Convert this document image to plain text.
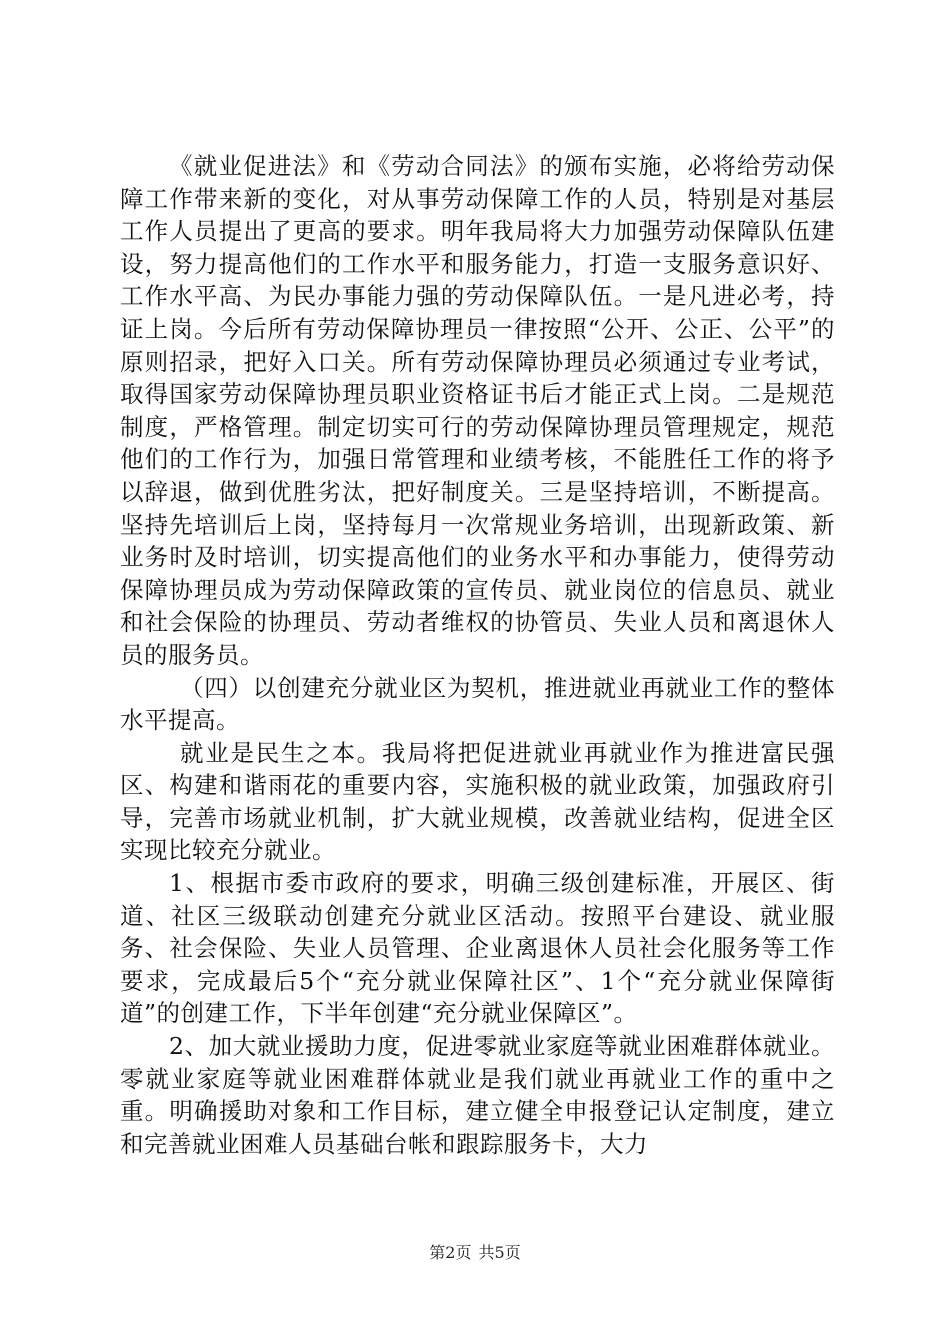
《就业促进法》和《劳动合同法》的颁布实施，必将给劳动保障工作带来新的变化，对从事劳动保障工作的人员，特别是对基层工作人员提出了更高的要求。明年我局将大力加强劳动保障队伍建设，努力提高他们的工作水平和服务能力，打造一支服务意识好、工作水平高、为民办事能力强的劳动保障队伍。一是凡进必考，持证上岗。今后所有劳动保障协理员一律按照“公开、公正、公平”的原则招录，把好入口关。所有劳动保障协理员必须通过专业考试，取得国家劳动保障协理员职业资格证书后才能正式上岗。二是规范制度，严格管理。制定切实可行的劳动保障协理员管理规定，规范他们的工作行为，加强日常管理和业绩考核，不能胜任工作的将予以辞退，做到优胜劣汰，把好制度关。三是坚持培训，不断提高。坚持先培训后上岗，坚持每月一次常规业务培训，出现新政策、新业务时及时培训，切实提高他们的业务水平和办事能力，使得劳动保障协理员成为劳动保障政策的宣传员、就业岗位的信息员、就业和社会保险的协理员、劳动者维权的协管员、失业人员和离退休人员的服务员。

（四）以创建充分就业区为契机，推进就业再就业工作的整体水平提高。

就业是民生之本。我局将把促进就业再就业作为推进富民强区、构建和谐雨花的重要内容，实施积极的就业政策，加强政府引导，完善市场就业机制，扩大就业规模，改善就业结构，促进全区实现比较充分就业。

1、根据市委市政府的要求，明确三级创建标准，开展区、街道、社区三级联动创建充分就业区活动。按照平台建设、就业服务、社会保险、失业人员管理、企业离退休人员社会化服务等工作要求，完成最后5个“充分就业保障社区”、1个“充分就业保障街道”的创建工作，下半年创建“充分就业保障区”。

2、加大就业援助力度，促进零就业家庭等就业困难群体就业。零就业家庭等就业困难群体就业是我们就业再就业工作的重中之重。明确援助对象和工作目标，建立健全申报登记认定制度，建立和完善就业困难人员基础台帐和跟踪服务卡，大力

第2页 共5页
